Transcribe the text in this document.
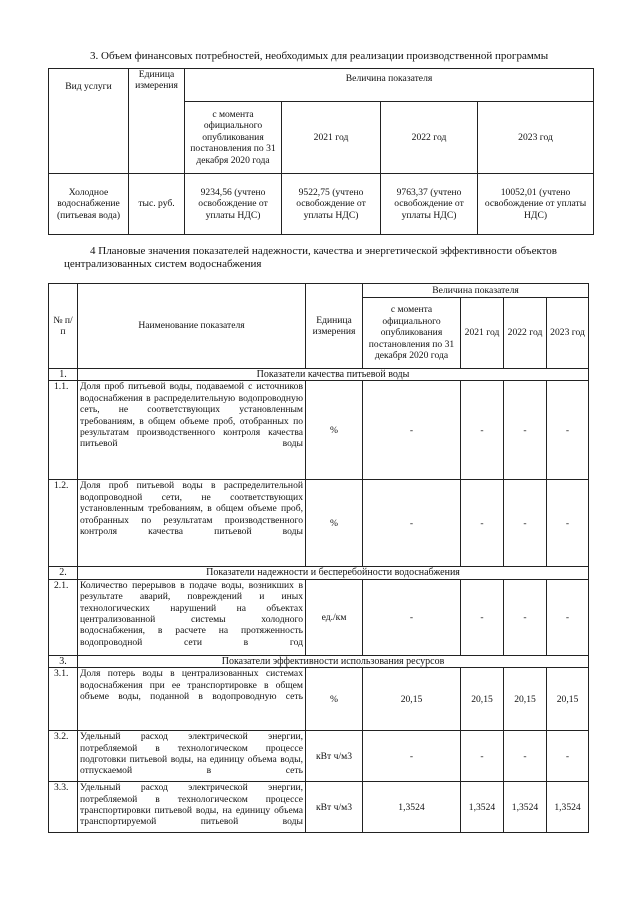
3. Объем финансовых потребностей, необходимых для реализации производственной программы
Вид услуги	Единица измерения	Величина показателя			
		с момента официального опубликования постановления по 31 декабря 2020 года	2021 год	2022 год	2023 год
Холодное водоснабжение (питьевая вода)	тыс. руб.	9234,56 (учтено освобождение от уплаты НДС)	9522,75 (учтено освобождение от уплаты НДС)	9763,37 (учтено освобождение от уплаты НДС)	10052,01 (учтено освобождение от уплаты НДС)
4 Плановые значения показателей надежности, качества и энергетической эффективности объектов централизованных систем водоснабжения
№ п/п	Наименование показателя	Единица измерения	Величина показателя			
			с момента официального опубликования постановления по 31 декабря 2020 года	2021 год	2022 год	2023 год
1.	Показатели качества питьевой воды					
1.1.	Доля проб питьевой воды, подаваемой с источников водоснабжения в распределительную водопроводную сеть, не соответствующих установленным требованиям, в общем объеме проб, отобранных по результатам производственного контроля качества питьевой воды	%	-	-	-	-
1.2.	Доля проб питьевой воды в распределительной водопроводной сети, не соответствующих установленным требованиям, в общем объеме проб, отобранных по результатам производственного контроля качества питьевой воды	%	-	-	-	-
2.	Показатели надежности и бесперебойности водоснабжения					
2.1.	Количество перерывов в подаче воды, возникших в результате аварий, повреждений и иных технологических нарушений на объектах централизованной системы холодного водоснабжения, в расчете на протяженность водопроводной сети в год	ед./км	-	-	-	-
3.	Показатели эффективности использования ресурсов					
3.1.	Доля потерь воды в централизованных системах водоснабжения при ее транспортировке в общем объеме воды, поданной в водопроводную сеть	%	20,15	20,15	20,15	20,15
3.2.	Удельный расход электрической энергии, потребляемой в технологическом процессе подготовки питьевой воды, на единицу объема воды, отпускаемой в сеть	кВт ч/м3	-	-	-	-
3.3.	Удельный расход электрической энергии, потребляемой в технологическом процессе транспортировки питьевой воды, на единицу объема транспортируемой питьевой воды	кВт ч/м3	1,3524	1,3524	1,3524	1,3524
